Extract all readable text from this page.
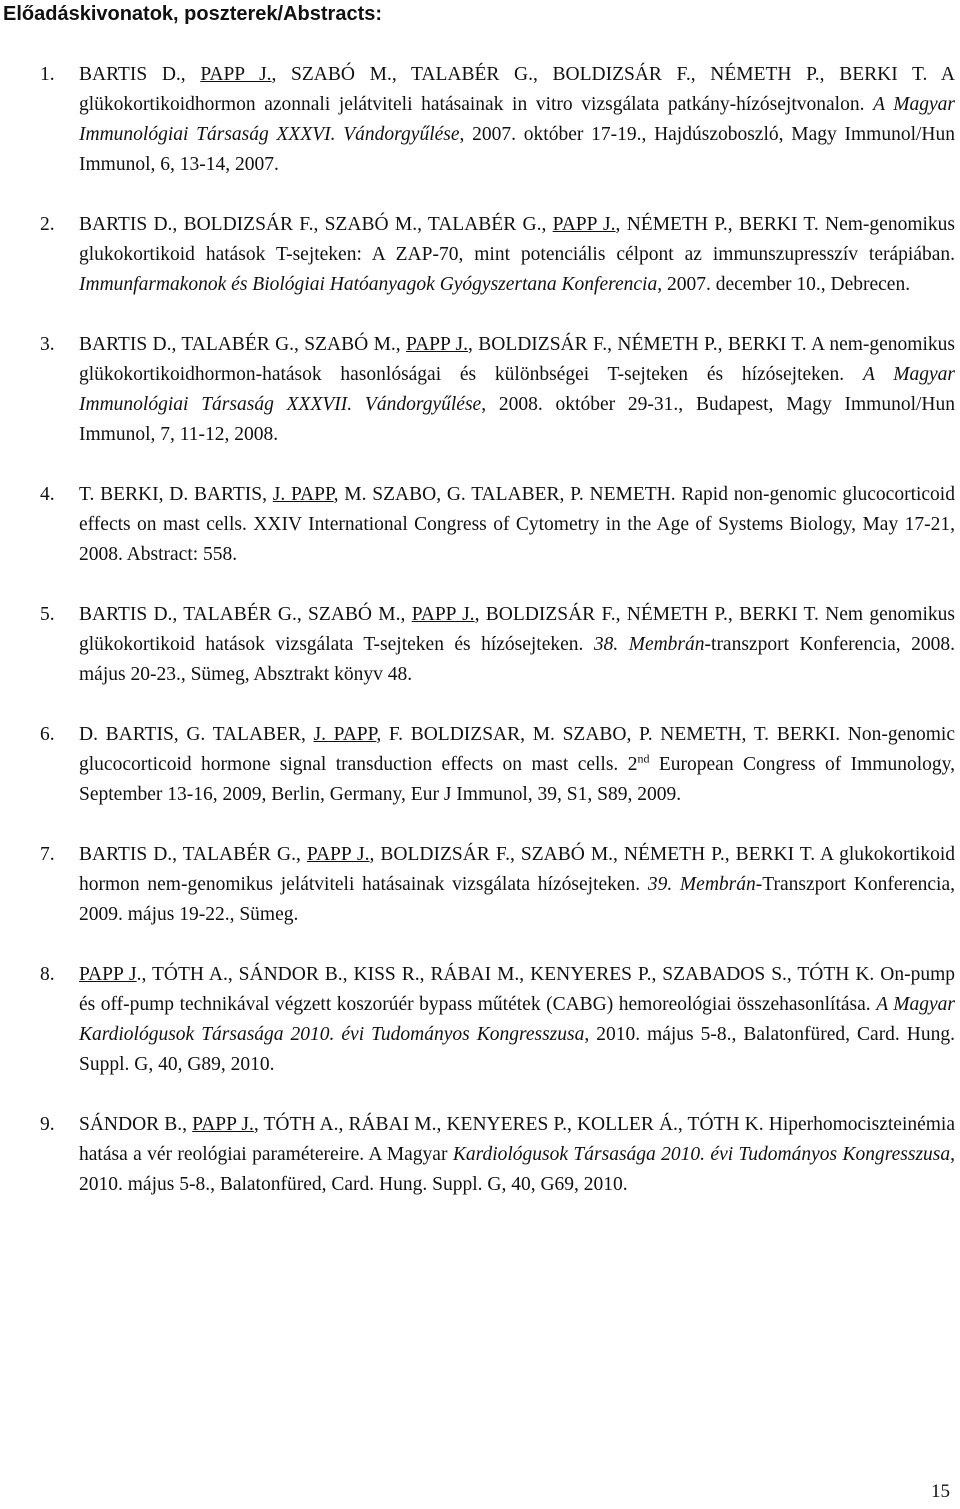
Előadáskivonatok, poszterek/Abstracts:
1. BARTIS D., PAPP J., SZABÓ M., TALABÉR G., BOLDIZSÁR F., NÉMETH P., BERKI T. A glükokortikoidhormon azonnali jelátviteli hatásainak in vitro vizsgálata patkány-hízósejtvonalon. A Magyar Immunológiai Társaság XXXVI. Vándorgyűlése, 2007. október 17-19., Hajdúszoboszló, Magy Immunol/Hun Immunol, 6, 13-14, 2007.
2. BARTIS D., BOLDIZSÁR F., SZABÓ M., TALABÉR G., PAPP J., NÉMETH P., BERKI T. Nem-genomikus glukokortikoid hatások T-sejteken: A ZAP-70, mint potenciális célpont az immunszupresszív terápiában. Immunfarmakonok és Biológiai Hatóanyagok Gyógyszertana Konferencia, 2007. december 10., Debrecen.
3. BARTIS D., TALABÉR G., SZABÓ M., PAPP J., BOLDIZSÁR F., NÉMETH P., BERKI T. A nem-genomikus glükokortikoidhormon-hatások hasonlóságai és különbségei T-sejteken és hízósejteken. A Magyar Immunológiai Társaság XXXVII. Vándorgyűlése, 2008. október 29-31., Budapest, Magy Immunol/Hun Immunol, 7, 11-12, 2008.
4. T. BERKI, D. BARTIS, J. PAPP, M. SZABO, G. TALABER, P. NEMETH. Rapid non-genomic glucocorticoid effects on mast cells. XXIV International Congress of Cytometry in the Age of Systems Biology, May 17-21, 2008. Abstract: 558.
5. BARTIS D., TALABÉR G., SZABÓ M., PAPP J., BOLDIZSÁR F., NÉMETH P., BERKI T. Nem genomikus glükokortikoid hatások vizsgálata T-sejteken és hízósejteken. 38. Membrán-transzport Konferencia, 2008. május 20-23., Sümeg, Absztrakt könyv 48.
6. D. BARTIS, G. TALABER, J. PAPP, F. BOLDIZSAR, M. SZABO, P. NEMETH, T. BERKI. Non-genomic glucocorticoid hormone signal transduction effects on mast cells. 2nd European Congress of Immunology, September 13-16, 2009, Berlin, Germany, Eur J Immunol, 39, S1, S89, 2009.
7. BARTIS D., TALABÉR G., PAPP J., BOLDIZSÁR F., SZABÓ M., NÉMETH P., BERKI T. A glukokortikoid hormon nem-genomikus jelátviteli hatásainak vizsgálata hízósejteken. 39. Membrán-Transzport Konferencia, 2009. május 19-22., Sümeg.
8. PAPP J., TÓTH A., SÁNDOR B., KISS R., RÁBAI M., KENYERES P., SZABADOS S., TÓTH K. On-pump és off-pump technikával végzett koszorúér bypass műtétek (CABG) hemoreológiai összehasonlítása. A Magyar Kardiológusok Társasága 2010. évi Tudományos Kongresszusa, 2010. május 5-8., Balatonfüred, Card. Hung. Suppl. G, 40, G89, 2010.
9. SÁNDOR B., PAPP J., TÓTH A., RÁBAI M., KENYERES P., KOLLER Á., TÓTH K. Hiperhomociszteinémia hatása a vér reológiai paramétereire. A Magyar Kardiológusok Társasága 2010. évi Tudományos Kongresszusa, 2010. május 5-8., Balatonfüred, Card. Hung. Suppl. G, 40, G69, 2010.
15
